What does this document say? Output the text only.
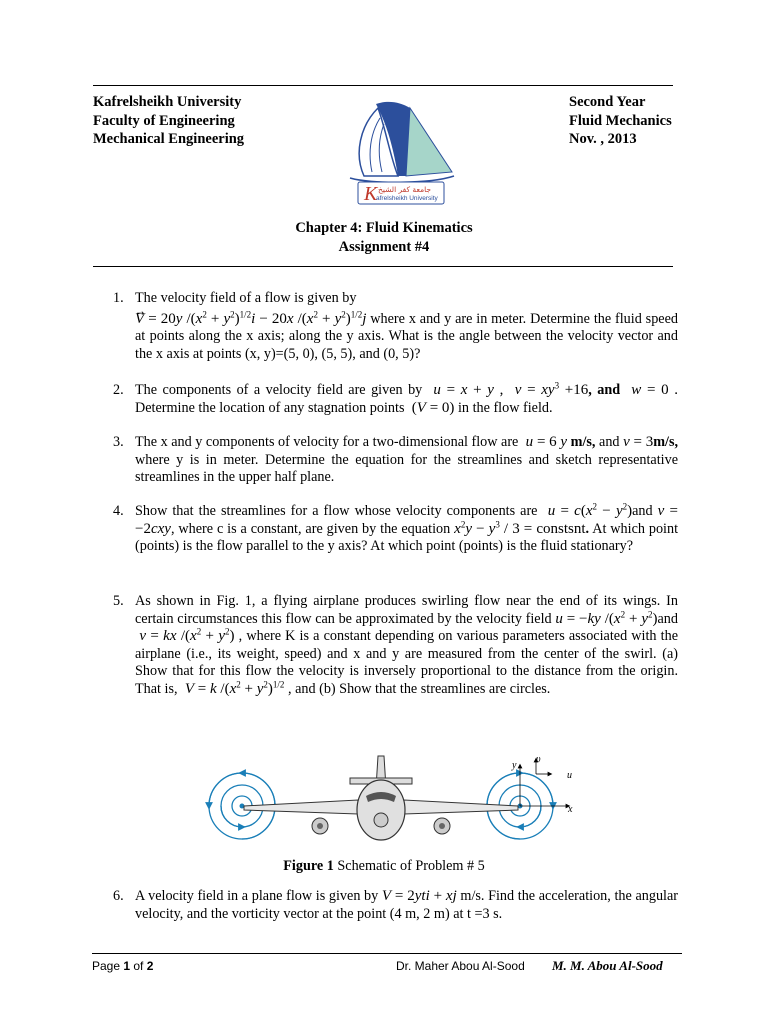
Kafrelsheikh University
Faculty of Engineering
Mechanical Engineering
Second Year
Fluid Mechanics
Nov. , 2013
K جامعة كفر الشيخ
afrelsheikh University
Chapter 4: Fluid Kinematics
Assignment #4
1. The velocity field of a flow is given by
V = 20y $/(x^2 + y^2)^{1/2}i - 20x$ $/(x^2 + y^2)^{1/2}j$ where x and y are in meter. Determine the fluid speed at points along the x axis; along the y axis. What is the angle between the velocity vector and the x axis at points (x, y)=(5, 0), (5, 5), and (0, 5)?
2. The components of a velocity field are given by  u = x + y ,  $v = xy^3 +16$, and  w = 0 . Determine the location of any stagnation points  (V = 0) in the flow field.
3. The x and y components of velocity for a two-dimensional flow are  u = 6 y m/s, and v = 3m/s, where y is in meter. Determine the equation for the streamlines and sketch representative streamlines in the upper half plane.
4. Show that the streamlines for a flow whose velocity components are  $u = c(x^2 - y^2)and$ v = −2cxy, where c is a constant, are given by the equation $x^2y - y^3 / 3$ = constsnt. At which point (points) is the flow parallel to the y axis? At which point (points) is the fluid stationary?
5. As shown in Fig. 1, a flying airplane produces swirling flow near the end of its wings. In certain circumstances this flow can be approximated by the velocity field u = −ky $/(x^2 + y^2)and$  v = kx $/(x^2 + y^2)$ , where K is a constant depending on various parameters associated with the airplane (i.e., its weight, speed) and x and y are measured from the center of the swirl. (a) Show that for this flow the velocity is inversely proportional to the distance from the origin. That is,  V = k $/(x^2 + y^2)^{1/2}$ , and (b) Show that the streamlines are circles.
y
υ
u
x
Figure 1 Schematic of Problem # 5
6. A velocity field in a plane flow is given by V = 2yti + xj m/s. Find the acceleration, the angular velocity, and the vorticity vector at the point (4 m, 2 m) at t =3 s.
Page 1 of 2	Dr. Maher Abou Al-Sood M. M. Abou Al-Sood
